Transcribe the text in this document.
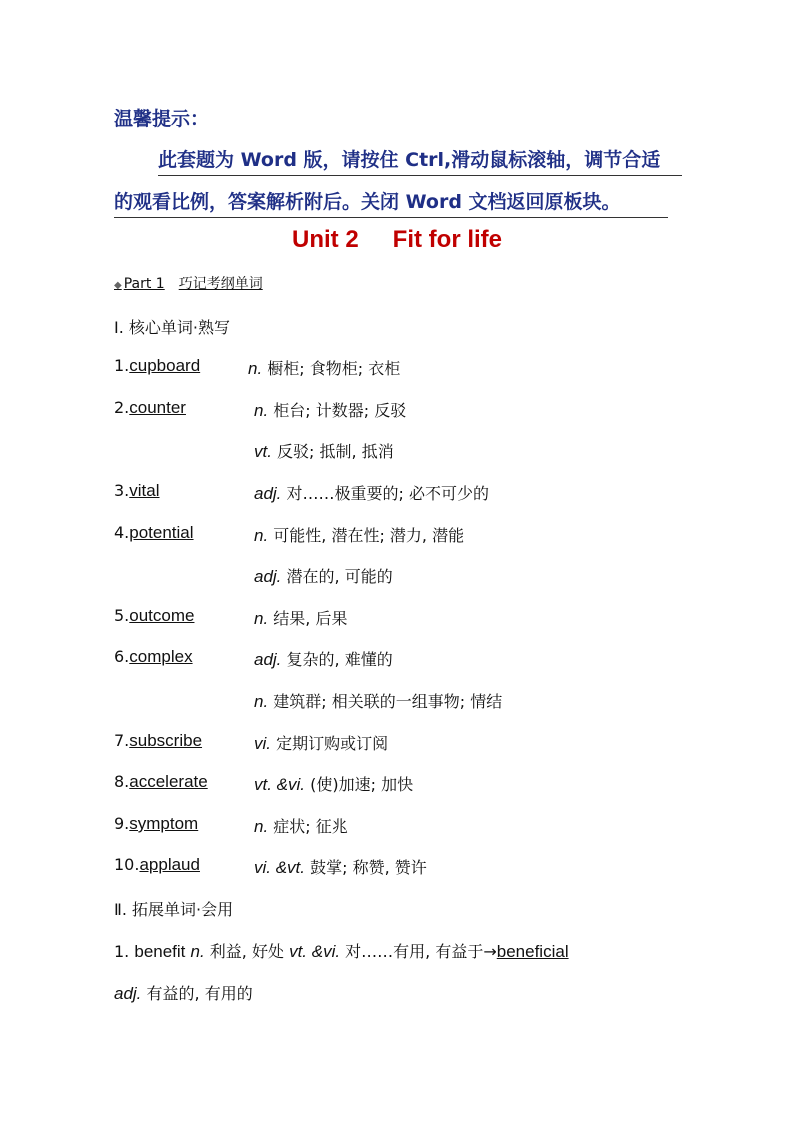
温馨提示：
此套题为 Word 版，请按住 Ctrl,滑动鼠标滚轴，调节合适
的观看比例，答案解析附后。关闭 Word 文档返回原板块。
Unit 2 Fit for life
◆ Part 1 巧记考纲单词
Ⅰ. 核心单词·熟写
1.cupboard	n. 橱柜; 食物柜; 衣柜
2.counter	n. 柜台; 计数器; 反驳
vt. 反驳; 抵制, 抵消
3.vital	adj. 对……极重要的; 必不可少的
4.potential	n. 可能性, 潜在性; 潜力, 潜能
adj. 潜在的, 可能的
5.outcome	n. 结果, 后果
6.complex	adj. 复杂的, 难懂的
n. 建筑群; 相关联的一组事物; 情结
7.subscribe	vi. 定期订购或订阅
8.accelerate	vt. &vi. (使)加速; 加快
9.symptom	n. 症状; 征兆
10.applaud	vi. &vt. 鼓掌; 称赞, 赞许
Ⅱ. 拓展单词·会用
1. benefit n. 利益, 好处 vt. &vi. 对……有用, 有益于→beneficial
adj. 有益的, 有用的
